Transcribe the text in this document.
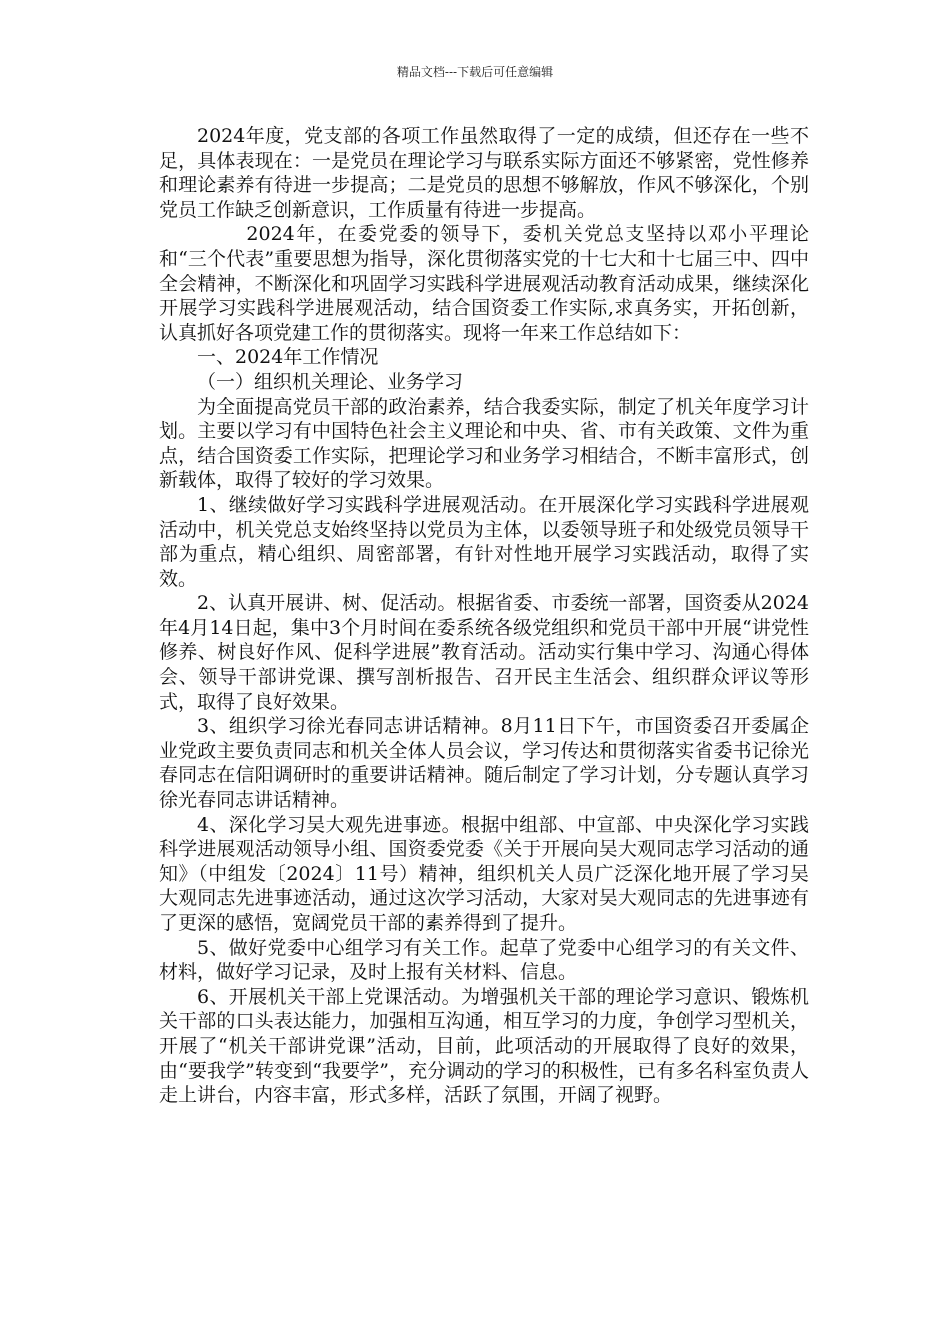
精品文档---下载后可任意编辑

2024年度，党支部的各项工作虽然取得了一定的成绩，但还存在一些不足，具体表现在：一是党员在理论学习与联系实际方面还不够紧密，党性修养和理论素养有待进一步提高；二是党员的思想不够解放，作风不够深化，个别党员工作缺乏创新意识，工作质量有待进一步提高。

2024年，在委党委的领导下，委机关党总支坚持以邓小平理论和“三个代表”重要思想为指导，深化贯彻落实党的十七大和十七届三中、四中全会精神，不断深化和巩固学习实践科学进展观活动教育活动成果，继续深化开展学习实践科学进展观活动，结合国资委工作实际,求真务实，开拓创新，认真抓好各项党建工作的贯彻落实。现将一年来工作总结如下：

一、2024年工作情况

（一）组织机关理论、业务学习

为全面提高党员干部的政治素养，结合我委实际，制定了机关年度学习计划。主要以学习有中国特色社会主义理论和中央、省、市有关政策、文件为重点，结合国资委工作实际，把理论学习和业务学习相结合，不断丰富形式，创新载体，取得了较好的学习效果。

1、继续做好学习实践科学进展观活动。在开展深化学习实践科学进展观活动中，机关党总支始终坚持以党员为主体，以委领导班子和处级党员领导干部为重点，精心组织、周密部署，有针对性地开展学习实践活动，取得了实效。

2、认真开展讲、树、促活动。根据省委、市委统一部署，国资委从2024年4月14日起，集中3个月时间在委系统各级党组织和党员干部中开展“讲党性修养、树良好作风、促科学进展”教育活动。活动实行集中学习、沟通心得体会、领导干部讲党课、撰写剖析报告、召开民主生活会、组织群众评议等形式，取得了良好效果。

3、组织学习徐光春同志讲话精神。8月11日下午，市国资委召开委属企业党政主要负责同志和机关全体人员会议，学习传达和贯彻落实省委书记徐光春同志在信阳调研时的重要讲话精神。随后制定了学习计划，分专题认真学习徐光春同志讲话精神。

4、深化学习吴大观先进事迹。根据中组部、中宣部、中央深化学习实践科学进展观活动领导小组、国资委党委《关于开展向吴大观同志学习活动的通知》（中组发〔2024〕11号）精神，组织机关人员广泛深化地开展了学习吴大观同志先进事迹活动，通过这次学习活动，大家对吴大观同志的先进事迹有了更深的感悟，宽阔党员干部的素养得到了提升。

5、做好党委中心组学习有关工作。起草了党委中心组学习的有关文件、材料，做好学习记录，及时上报有关材料、信息。

6、开展机关干部上党课活动。为增强机关干部的理论学习意识、锻炼机关干部的口头表达能力，加强相互沟通，相互学习的力度，争创学习型机关，开展了“机关干部讲党课”活动，目前，此项活动的开展取得了良好的效果，由“要我学”转变到“我要学”，充分调动的学习的积极性，已有多名科室负责人走上讲台，内容丰富，形式多样，活跃了氛围，开阔了视野。
